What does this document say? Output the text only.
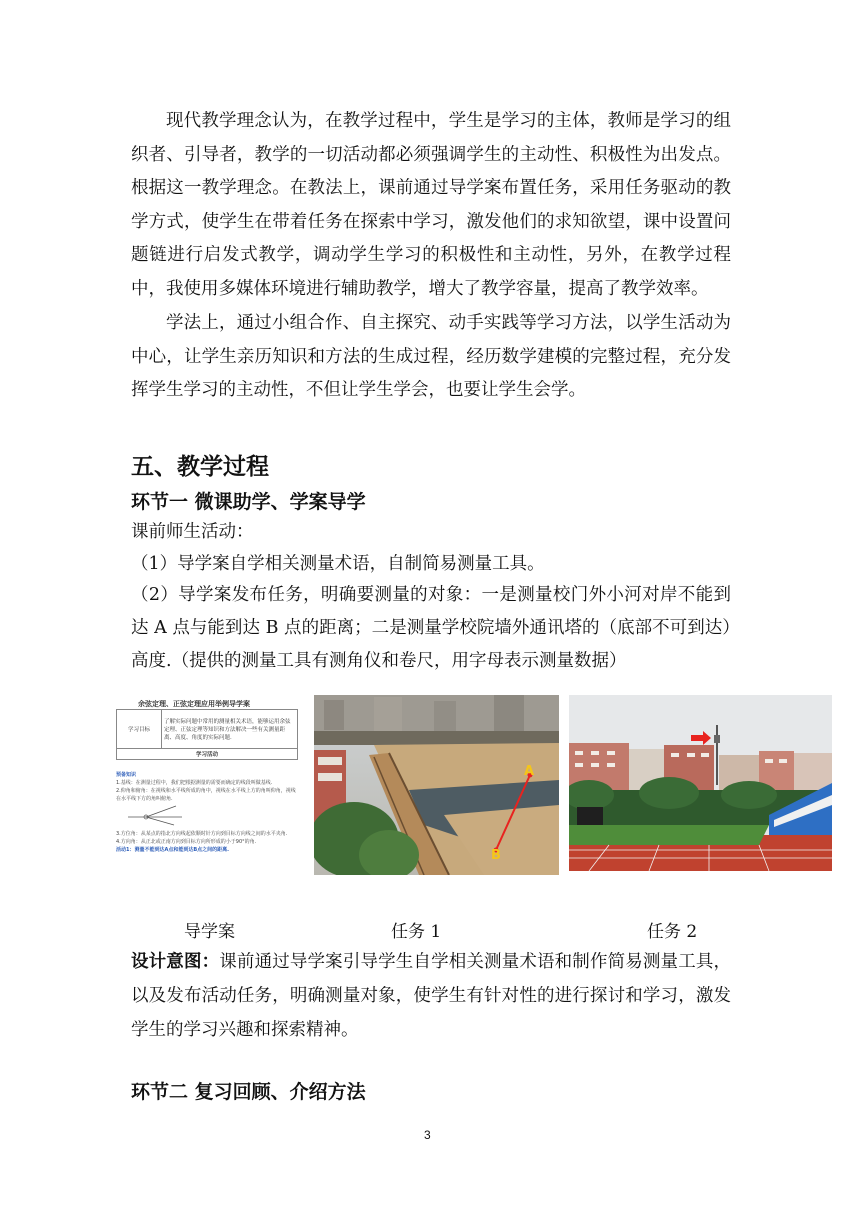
现代教学理念认为，在教学过程中，学生是学习的主体，教师是学习的组织者、引导者，教学的一切活动都必须强调学生的主动性、积极性为出发点。根据这一教学理念。在教法上，课前通过导学案布置任务，采用任务驱动的教学方式，使学生在带着任务在探索中学习，激发他们的求知欲望，课中设置问题链进行启发式教学，调动学生学习的积极性和主动性，另外，在教学过程中，我使用多媒体环境进行辅助教学，增大了教学容量，提高了教学效率。

学法上，通过小组合作、自主探究、动手实践等学习方法，以学生活动为中心，让学生亲历知识和方法的生成过程，经历数学建模的完整过程，充分发挥学生学习的主动性，不但让学生学会，也要让学生会学。

五、教学过程
环节一 微课助学、学案导学

课前师生活动：

（1）导学案自学相关测量术语，自制简易测量工具。

（2）导学案发布任务，明确要测量的对象：一是测量校门外小河对岸不能到达 A 点与能到达 B 点的距离；二是测量学校院墙外通讯塔的（底部不可到达）高度.（提供的测量工具有测角仪和卷尺，用字母表示测量数据）

余弦定理、正弦定理应用举例导学案
学习目标	了解实际问题中常用的测量相关术语，能够运用余弦定理、正弦定理等知识和方法解决一些有关测量距离、高度、角度的实际问题.
学习活动
预备知识
1.基线：在测量过程中，我们把根据测量的需要而确定的线段叫做基线.
2.仰角和俯角：在视线和水平线所成的角中，视线在水平线上方的角叫仰角，视线在水平线下方的角叫俯角.
3.方位角：从某点的指北方向线起依顺时针方向到目标方向线之间的水平夹角.
4.方向角：从正北或正南方向到目标方向所形成的小于90°的角.
活动1：测量不能到达A点和能到达B点之间的距离.
A
B

导学案	任务 1	任务 2

设计意图：课前通过导学案引导学生自学相关测量术语和制作简易测量工具，以及发布活动任务，明确测量对象，使学生有针对性的进行探讨和学习，激发学生的学习兴趣和探索精神。

环节二 复习回顾、介绍方法
3
